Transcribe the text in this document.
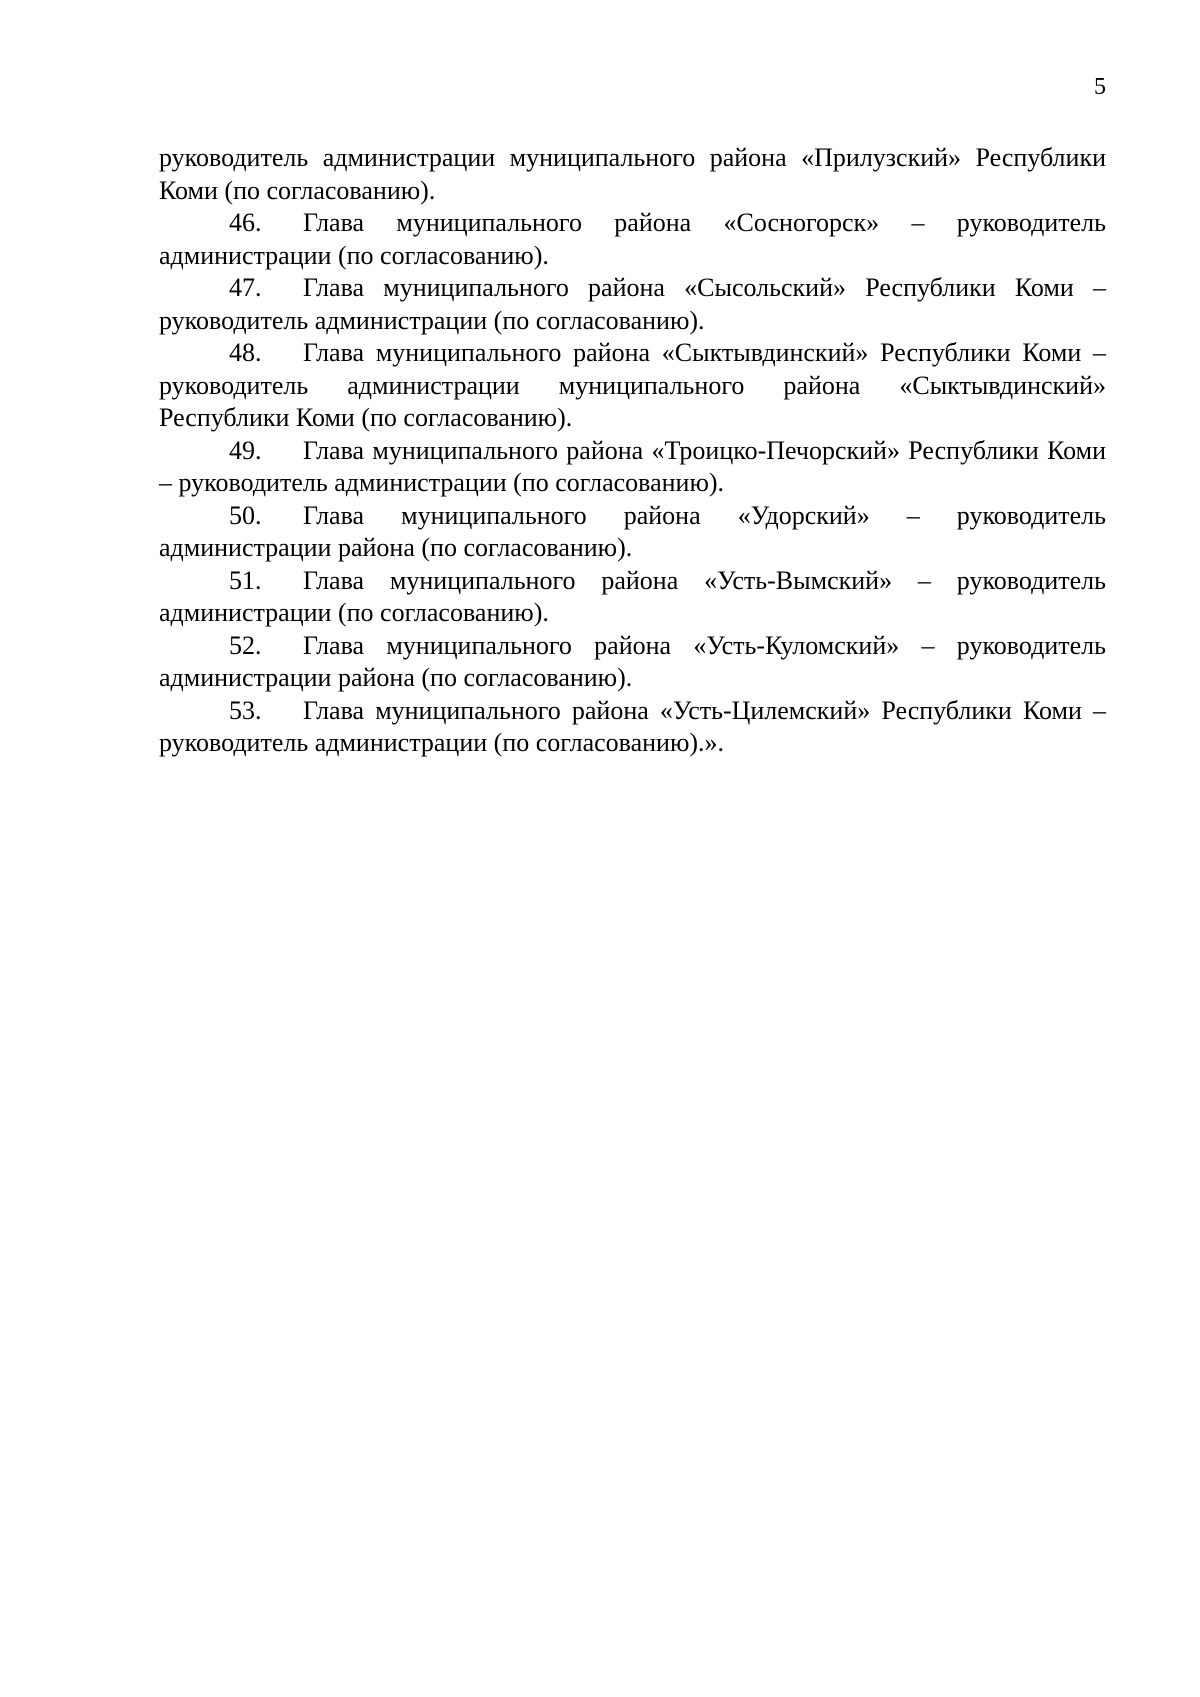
5

руководитель администрации муниципального района «Прилузский» Республики Коми (по согласованию).

46. Глава муниципального района «Сосногорск» – руководитель администрации (по согласованию).

47. Глава муниципального района «Сысольский» Республики Коми – руководитель администрации (по согласованию).

48. Глава муниципального района «Сыктывдинский» Республики Коми – руководитель администрации муниципального района «Сыктывдинский» Республики Коми (по согласованию).

49. Глава муниципального района «Троицко-Печорский» Республики Коми – руководитель администрации (по согласованию).

50. Глава муниципального района «Удорский» – руководитель администрации района (по согласованию).

51. Глава муниципального района «Усть-Вымский» – руководитель администрации (по согласованию).

52. Глава муниципального района «Усть-Куломский» – руководитель администрации района (по согласованию).

53. Глава муниципального района «Усть-Цилемский» Республики Коми – руководитель администрации (по согласованию).».
